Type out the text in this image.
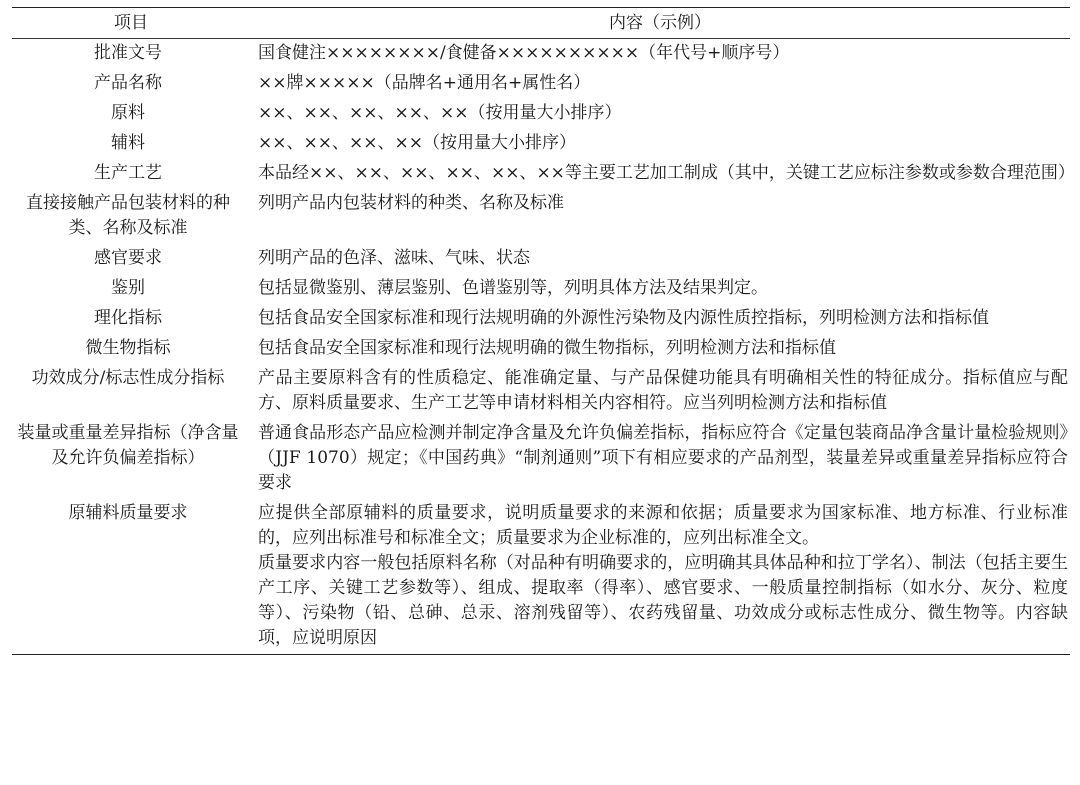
项目	内容（示例）
批准文号	国食健注××××××××/食健备××××××××××（年代号+顺序号）
产品名称	××牌×××××（品牌名+通用名+属性名）
原料	××、××、××、××、××（按用量大小排序）
辅料	××、××、××、××（按用量大小排序）
生产工艺	本品经××、××、××、××、××、××等主要工艺加工制成（其中，关键工艺应标注参数或参数合理范围）
直接接触产品包装材料的种类、名称及标准	列明产品内包装材料的种类、名称及标准
感官要求	列明产品的色泽、滋味、气味、状态
鉴别	包括显微鉴别、薄层鉴别、色谱鉴别等，列明具体方法及结果判定。
理化指标	包括食品安全国家标准和现行法规明确的外源性污染物及内源性质控指标，列明检测方法和指标值
微生物指标	包括食品安全国家标准和现行法规明确的微生物指标，列明检测方法和指标值
功效成分/标志性成分指标	产品主要原料含有的性质稳定、能准确定量、与产品保健功能具有明确相关性的特征成分。指标值应与配方、原料质量要求、生产工艺等申请材料相关内容相符。应当列明检测方法和指标值
装量或重量差异指标（净含量及允许负偏差指标）	普通食品形态产品应检测并制定净含量及允许负偏差指标，指标应符合《定量包装商品净含量计量检验规则》（JJF 1070）规定；《中国药典》“制剂通则”项下有相应要求的产品剂型，装量差异或重量差异指标应符合要求
原辅料质量要求	应提供全部原辅料的质量要求，说明质量要求的来源和依据；质量要求为国家标准、地方标准、行业标准的，应列出标准号和标准全文；质量要求为企业标准的，应列出标准全文。
质量要求内容一般包括原料名称（对品种有明确要求的，应明确其具体品种和拉丁学名）、制法（包括主要生产工序、关键工艺参数等）、组成、提取率（得率）、感官要求、一般质量控制指标（如水分、灰分、粒度等）、污染物（铅、总砷、总汞、溶剂残留等）、农药残留量、功效成分或标志性成分、微生物等。内容缺项，应说明原因
